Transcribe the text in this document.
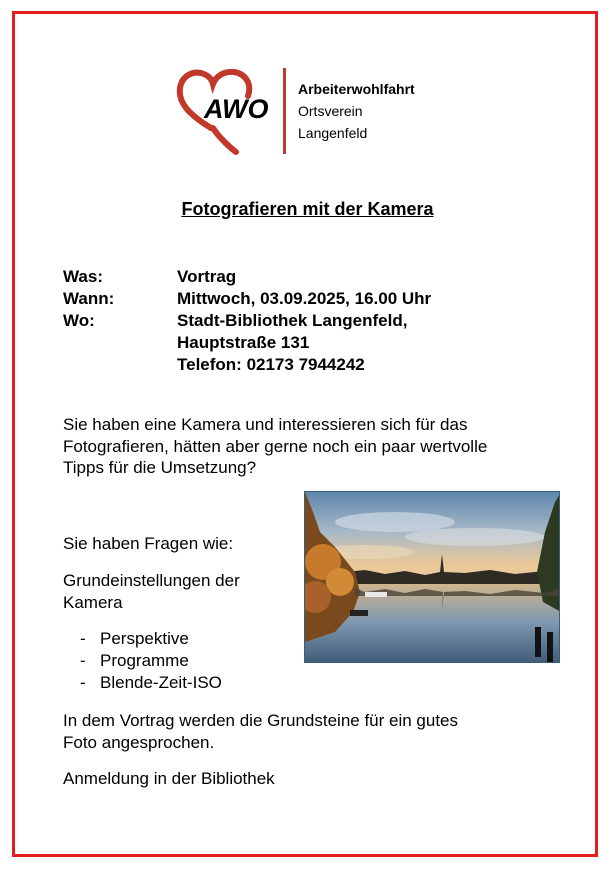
AWO
Arbeiterwohlfahrt
Ortsverein
Langenfeld
Fotografieren mit der Kamera
Was:	Vortrag
Wann:	Mittwoch, 03.09.2025, 16.00 Uhr
Wo:	Stadt-Bibliothek Langenfeld,
Hauptstraße 131
Telefon: 02173 7944242
Sie haben eine Kamera und interessieren sich für das
Fotografieren, hätten aber gerne noch ein paar wertvolle
Tipps für die Umsetzung?
Sie haben Fragen wie:
Grundeinstellungen der
Kamera
- Perspektive
- Programme
- Blende-Zeit-ISO
In dem Vortrag werden die Grundsteine für ein gutes
Foto angesprochen.
Anmeldung in der Bibliothek
